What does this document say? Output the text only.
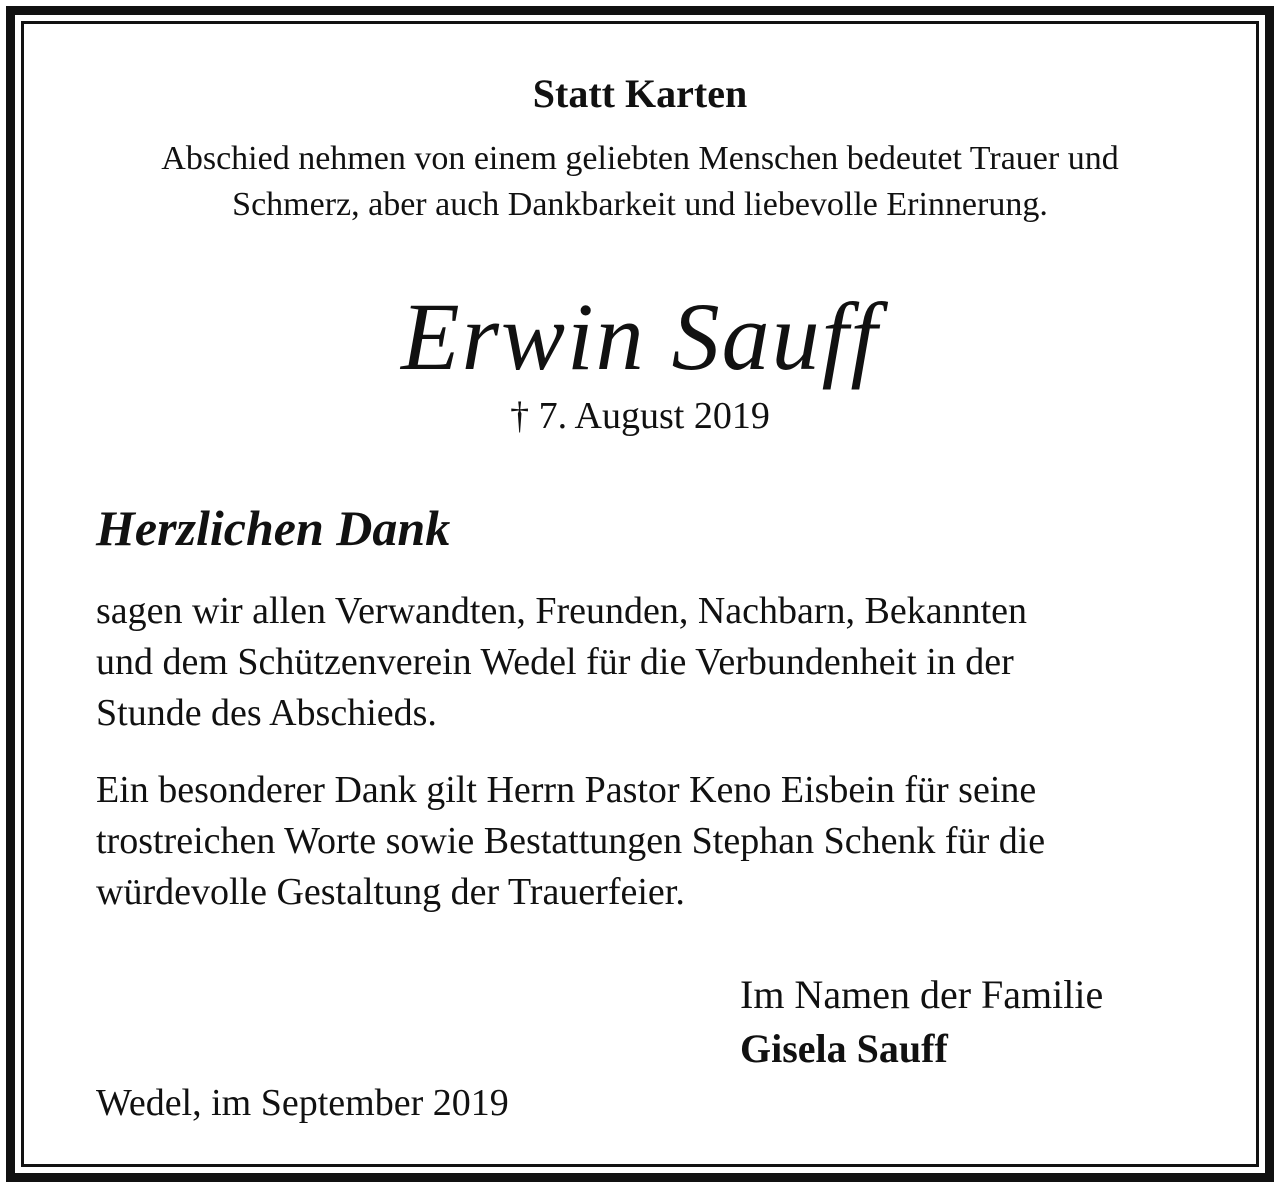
Statt Karten

Abschied nehmen von einem geliebten Menschen bedeutet Trauer und
Schmerz, aber auch Dankbarkeit und liebevolle Erinnerung.

Erwin Sauff

† 7. August 2019

Herzlichen Dank

sagen wir allen Verwandten, Freunden, Nachbarn, Bekannten
und dem Schützenverein Wedel für die Verbundenheit in der
Stunde des Abschieds.
Ein besonderer Dank gilt Herrn Pastor Keno Eisbein für seine
trostreichen Worte sowie Bestattungen Stephan Schenk für die
würdevolle Gestaltung der Trauerfeier.

Im Namen der Familie

Gisela Sauff

Wedel, im September 2019
